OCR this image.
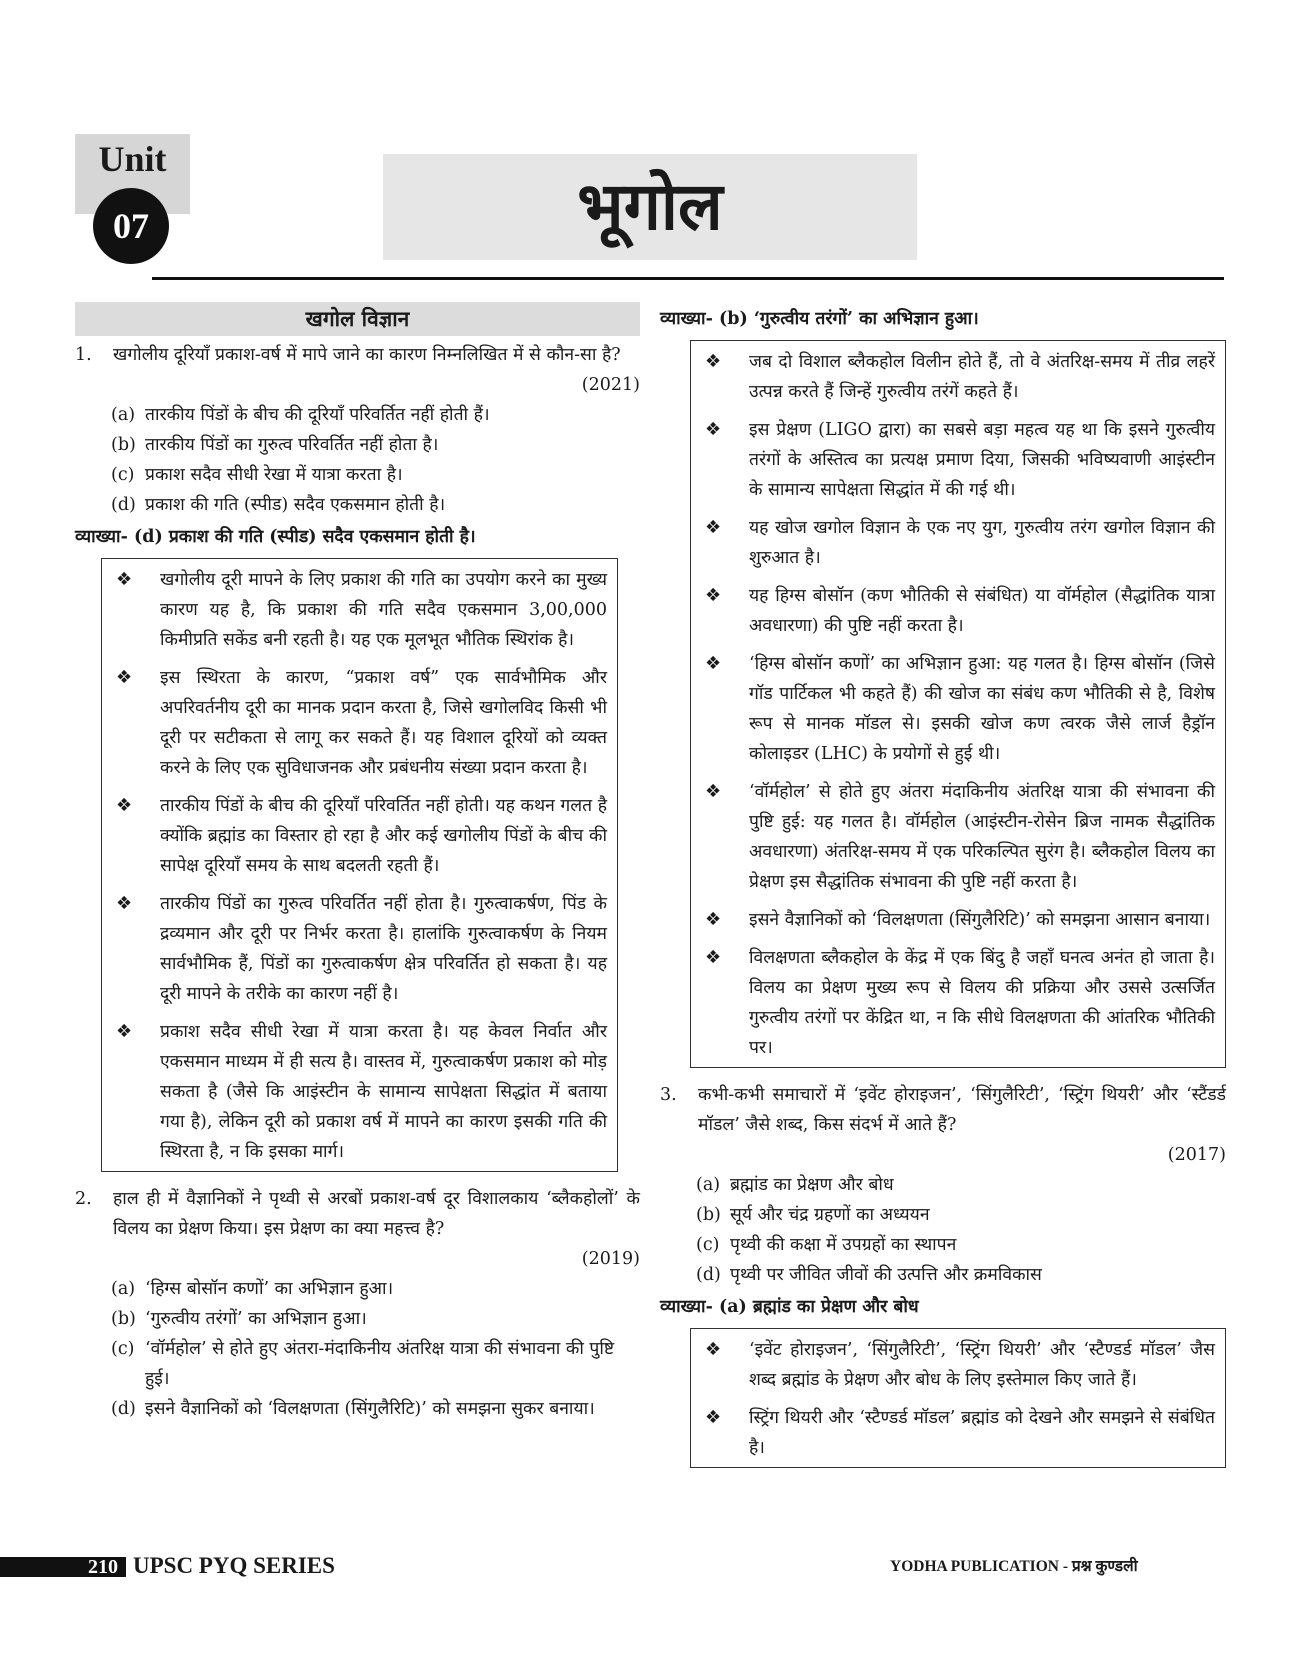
Unit
07	भूगोल
खगोल विज्ञान
1.	खगोलीय दूरियाँ प्रकाश-वर्ष में मापे जाने का कारण निम्नलिखित में से कौन-सा है?
(2021)
(a) तारकीय पिंडों के बीच की दूरियाँ परिवर्तित नहीं होती हैं।
(b) तारकीय पिंडों का गुरुत्व परिवर्तित नहीं होता है।
(c) प्रकाश सदैव सीधी रेखा में यात्रा करता है।
(d) प्रकाश की गति (स्पीड) सदैव एकसमान होती है।
व्याख्या- (d) प्रकाश की गति (स्पीड) सदैव एकसमान होती है।
❖	खगोलीय दूरी मापने के लिए प्रकाश की गति का उपयोग करने का मुख्य कारण यह है, कि प्रकाश की गति सदैव एकसमान 3,00,000 किमीप्रति सकेंड बनी रहती है। यह एक मूलभूत भौतिक स्थिरांक है।
❖	इस स्थिरता के कारण, “प्रकाश वर्ष” एक सार्वभौमिक और अपरिवर्तनीय दूरी का मानक प्रदान करता है, जिसे खगोलविद किसी भी दूरी पर सटीकता से लागू कर सकते हैं। यह विशाल दूरियों को व्यक्त करने के लिए एक सुविधाजनक और प्रबंधनीय संख्या प्रदान करता है।
❖	तारकीय पिंडों के बीच की दूरियाँ परिवर्तित नहीं होती। यह कथन गलत है क्योंकि ब्रह्मांड का विस्तार हो रहा है और कई खगोलीय पिंडों के बीच की सापेक्ष दूरियाँ समय के साथ बदलती रहती हैं।
❖	तारकीय पिंडों का गुरुत्व परिवर्तित नहीं होता है। गुरुत्वाकर्षण, पिंड के द्रव्यमान और दूरी पर निर्भर करता है। हालांकि गुरुत्वाकर्षण के नियम सार्वभौमिक हैं, पिंडों का गुरुत्वाकर्षण क्षेत्र परिवर्तित हो सकता है। यह दूरी मापने के तरीके का कारण नहीं है।
❖	प्रकाश सदैव सीधी रेखा में यात्रा करता है। यह केवल निर्वात और एकसमान माध्यम में ही सत्य है। वास्तव में, गुरुत्वाकर्षण प्रकाश को मोड़ सकता है (जैसे कि आइंस्टीन के सामान्य सापेक्षता सिद्धांत में बताया गया है), लेकिन दूरी को प्रकाश वर्ष में मापने का कारण इसकी गति की स्थिरता है, न कि इसका मार्ग।
2.	हाल ही में वैज्ञानिकों ने पृथ्वी से अरबों प्रकाश-वर्ष दूर विशालकाय ‘ब्लैकहोलों’ के विलय का प्रेक्षण किया। इस प्रेक्षण का क्या महत्त्व है?
(2019)
(a) ‘हिग्स बोसॉन कणों’ का अभिज्ञान हुआ।
(b) ‘गुरुत्वीय तरंगों’ का अभिज्ञान हुआ।
(c) ‘वॉर्महोल’ से होते हुए अंतरा-मंदाकिनीय अंतरिक्ष यात्रा की संभावना की पुष्टि हुई।
(d) इसने वैज्ञानिकों को ‘विलक्षणता (सिंगुलैरिटि)’ को समझना सुकर बनाया।
व्याख्या- (b) ‘गुरुत्वीय तरंगों’ का अभिज्ञान हुआ।
❖	जब दो विशाल ब्लैकहोल विलीन होते हैं, तो वे अंतरिक्ष-समय में तीव्र लहरें उत्पन्न करते हैं जिन्हें गुरुत्वीय तरंगें कहते हैं।
❖	इस प्रेक्षण (LIGO द्वारा) का सबसे बड़ा महत्व यह था कि इसने गुरुत्वीय तरंगों के अस्तित्व का प्रत्यक्ष प्रमाण दिया, जिसकी भविष्यवाणी आइंस्टीन के सामान्य सापेक्षता सिद्धांत में की गई थी।
❖	यह खोज खगोल विज्ञान के एक नए युग, गुरुत्वीय तरंग खगोल विज्ञान की शुरुआत है।
❖	यह हिग्स बोसॉन (कण भौतिकी से संबंधित) या वॉर्महोल (सैद्धांतिक यात्रा अवधारणा) की पुष्टि नहीं करता है।
❖	‘हिग्स बोसॉन कणों’ का अभिज्ञान हुआ: यह गलत है। हिग्स बोसॉन (जिसे गॉड पार्टिकल भी कहते हैं) की खोज का संबंध कण भौतिकी से है, विशेष रूप से मानक मॉडल से। इसकी खोज कण त्वरक जैसे लार्ज हैड्रॉन कोलाइडर (LHC) के प्रयोगों से हुई थी।
❖	‘वॉर्महोल’ से होते हुए अंतरा मंदाकिनीय अंतरिक्ष यात्रा की संभावना की पुष्टि हुई: यह गलत है। वॉर्महोल (आइंस्टीन-रोसेन ब्रिज नामक सैद्धांतिक अवधारणा) अंतरिक्ष-समय में एक परिकल्पित सुरंग है। ब्लैकहोल विलय का प्रेक्षण इस सैद्धांतिक संभावना की पुष्टि नहीं करता है।
❖	इसने वैज्ञानिकों को ‘विलक्षणता (सिंगुलैरिटि)’ को समझना आसान बनाया।
❖	विलक्षणता ब्लैकहोल के केंद्र में एक बिंदु है जहाँ घनत्व अनंत हो जाता है। विलय का प्रेक्षण मुख्य रूप से विलय की प्रक्रिया और उससे उत्सर्जित गुरुत्वीय तरंगों पर केंद्रित था, न कि सीधे विलक्षणता की आंतरिक भौतिकी पर।
3.	कभी-कभी समाचारों में ‘इवेंट होराइजन’, ‘सिंगुलैरिटी’, ‘स्ट्रिंग थियरी’ और ‘स्टैंडर्ड मॉडल’ जैसे शब्द, किस संदर्भ में आते हैं?
(2017)
(a) ब्रह्मांड का प्रेक्षण और बोध
(b) सूर्य और चंद्र ग्रहणों का अध्ययन
(c) पृथ्वी की कक्षा में उपग्रहों का स्थापन
(d) पृथ्वी पर जीवित जीवों की उत्पत्ति और क्रमविकास
व्याख्या- (a) ब्रह्मांड का प्रेक्षण और बोध
❖	‘इवेंट होराइजन’, ‘सिंगुलैरिटी’, ‘स्ट्रिंग थियरी’ और ‘स्टैण्डर्ड मॉडल’ जैस शब्द ब्रह्मांड के प्रेक्षण और बोध के लिए इस्तेमाल किए जाते हैं।
❖	स्ट्रिंग थियरी और ‘स्टैण्डर्ड मॉडल’ ब्रह्मांड को देखने और समझने से संबंधित है।
210 UPSC PYQ SERIES	YODHA PUBLICATION - प्रश्न कुण्डली
